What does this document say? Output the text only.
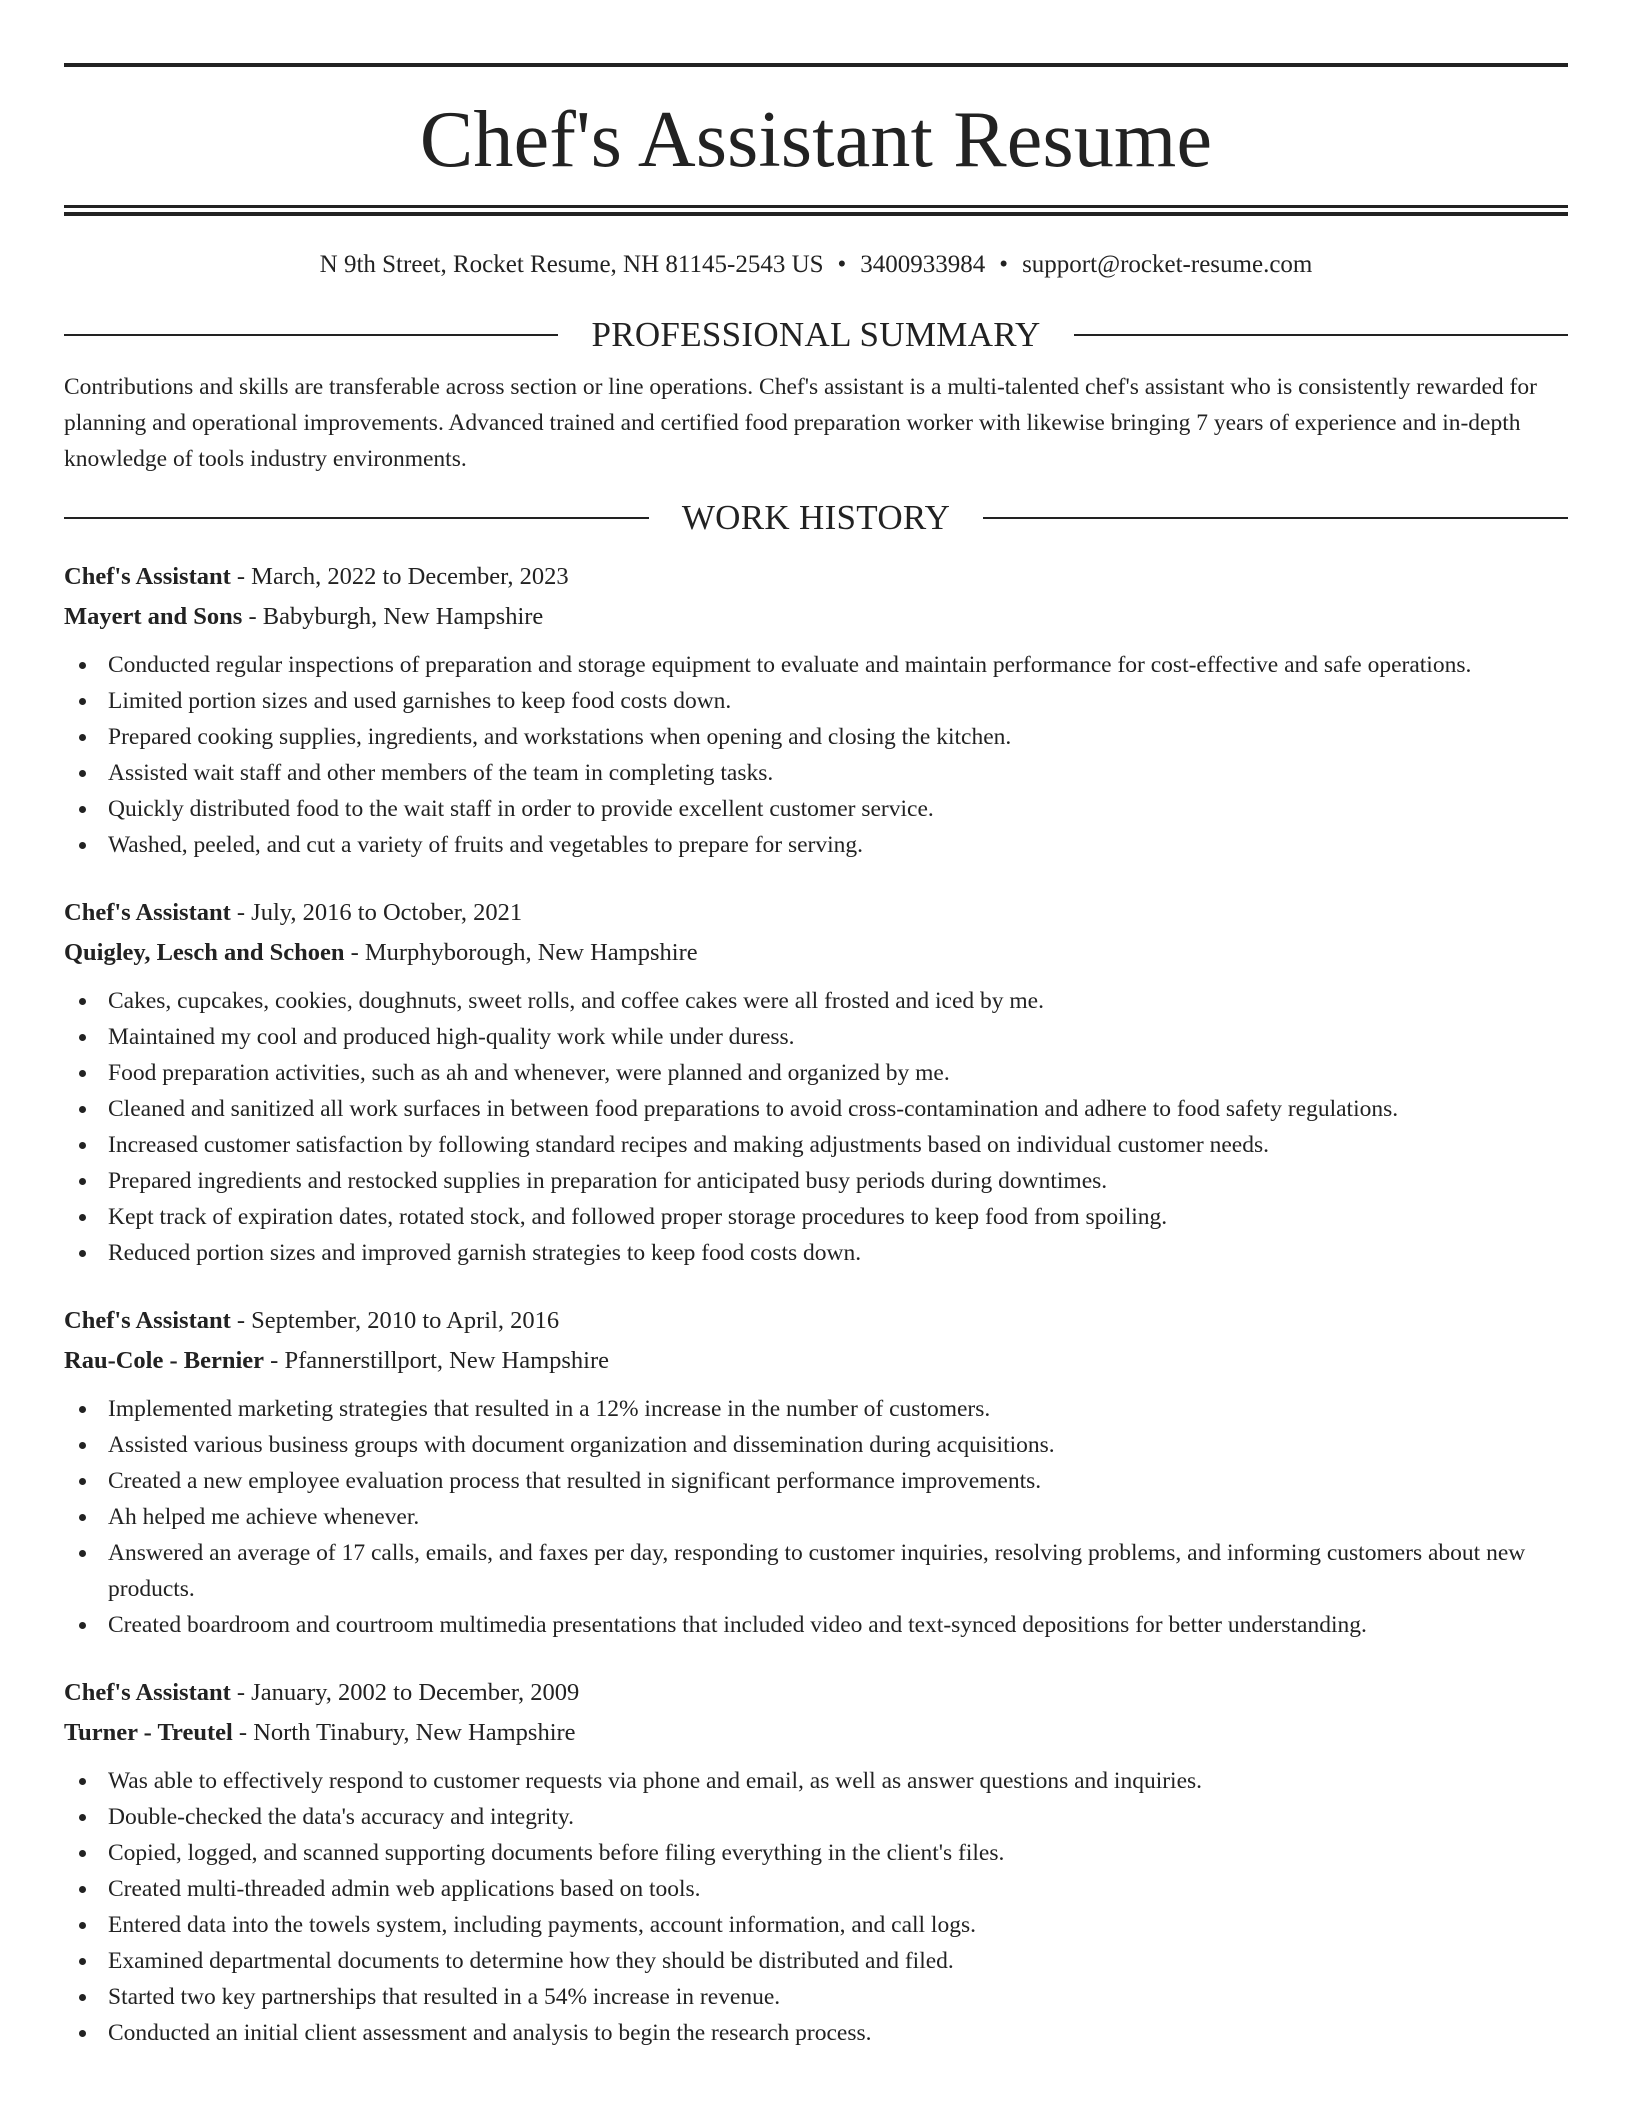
Chef's Assistant Resume
N 9th Street, Rocket Resume, NH 81145-2543 US • 3400933984 • support@rocket-resume.com
PROFESSIONAL SUMMARY

Contributions and skills are transferable across section or line operations. Chef's assistant is a multi-talented chef's assistant who is consistently rewarded for planning and operational improvements. Advanced trained and certified food preparation worker with likewise bringing 7 years of experience and in-depth knowledge of tools industry environments.

WORK HISTORY
Chef's Assistant - March, 2022 to December, 2023
Mayert and Sons - Babyburgh, New Hampshire
Conducted regular inspections of preparation and storage equipment to evaluate and maintain performance for cost-effective and safe operations.
Limited portion sizes and used garnishes to keep food costs down.
Prepared cooking supplies, ingredients, and workstations when opening and closing the kitchen.
Assisted wait staff and other members of the team in completing tasks.
Quickly distributed food to the wait staff in order to provide excellent customer service.
Washed, peeled, and cut a variety of fruits and vegetables to prepare for serving.
Chef's Assistant - July, 2016 to October, 2021
Quigley, Lesch and Schoen - Murphyborough, New Hampshire
Cakes, cupcakes, cookies, doughnuts, sweet rolls, and coffee cakes were all frosted and iced by me.
Maintained my cool and produced high-quality work while under duress.
Food preparation activities, such as ah and whenever, were planned and organized by me.
Cleaned and sanitized all work surfaces in between food preparations to avoid cross-contamination and adhere to food safety regulations.
Increased customer satisfaction by following standard recipes and making adjustments based on individual customer needs.
Prepared ingredients and restocked supplies in preparation for anticipated busy periods during downtimes.
Kept track of expiration dates, rotated stock, and followed proper storage procedures to keep food from spoiling.
Reduced portion sizes and improved garnish strategies to keep food costs down.
Chef's Assistant - September, 2010 to April, 2016
Rau-Cole - Bernier - Pfannerstillport, New Hampshire
Implemented marketing strategies that resulted in a 12% increase in the number of customers.
Assisted various business groups with document organization and dissemination during acquisitions.
Created a new employee evaluation process that resulted in significant performance improvements.
Ah helped me achieve whenever.
Answered an average of 17 calls, emails, and faxes per day, responding to customer inquiries, resolving problems, and informing customers about new products.
Created boardroom and courtroom multimedia presentations that included video and text-synced depositions for better understanding.
Chef's Assistant - January, 2002 to December, 2009
Turner - Treutel - North Tinabury, New Hampshire
Was able to effectively respond to customer requests via phone and email, as well as answer questions and inquiries.
Double-checked the data's accuracy and integrity.
Copied, logged, and scanned supporting documents before filing everything in the client's files.
Created multi-threaded admin web applications based on tools.
Entered data into the towels system, including payments, account information, and call logs.
Examined departmental documents to determine how they should be distributed and filed.
Started two key partnerships that resulted in a 54% increase in revenue.
Conducted an initial client assessment and analysis to begin the research process.
